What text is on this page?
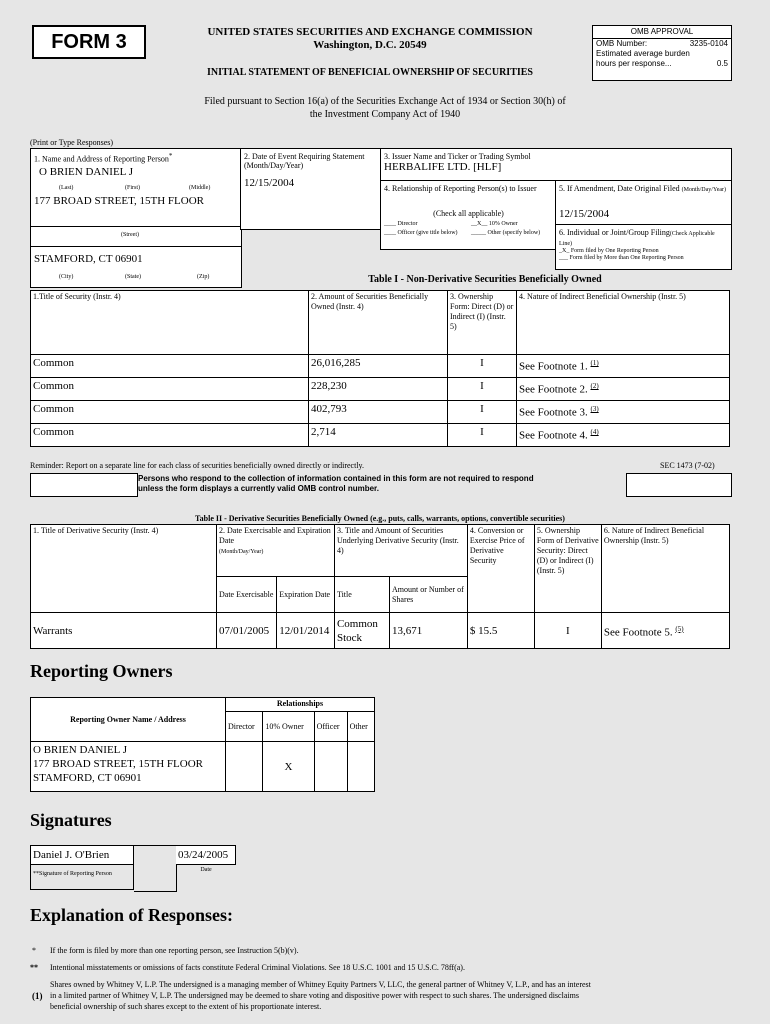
FORM 3	UNITED STATES SECURITIES AND EXCHANGE COMMISSION
Washington, D.C. 20549
INITIAL STATEMENT OF BENEFICIAL OWNERSHIP OF SECURITIES
OMB APPROVAL
OMB Number:	3235-0104
Estimated average burden
hours per response...	0.5
Filed pursuant to Section 16(a) of the Securities Exchange Act of 1934 or Section 30(h) of
the Investment Company Act of 1940
(Print or Type Responses)
1. Name and Address of Reporting Person*
O BRIEN DANIEL J
(Last)	(First)	(Middle)
177 BROAD STREET, 15TH FLOOR
(Street)
STAMFORD, CT 06901
(City)	(State)	(Zip)
2. Date of Event Requiring Statement (Month/Day/Year)
12/15/2004
3. Issuer Name and Ticker or Trading Symbol
HERBALIFE LTD. [HLF]
4. Relationship of Reporting Person(s) to Issuer
(Check all applicable)
____ Director	__X__ 10% Owner
____ Officer (give title below)	_____ Other (specify below)
5. If Amendment, Date Original Filed (Month/Day/Year)
12/15/2004
6. Individual or Joint/Group Filing(Check Applicable Line)
_X_ Form filed by One Reporting Person
___ Form filed by More than One Reporting Person
Table I - Non-Derivative Securities Beneficially Owned
1.Title of Security (Instr. 4)	2. Amount of Securities Beneficially Owned (Instr. 4)	3. Ownership Form: Direct (D) or Indirect (I) (Instr. 5)	4. Nature of Indirect Beneficial Ownership (Instr. 5)
Common	26,016,285	I	See Footnote 1. $^{(1)}$
Common	228,230	I	See Footnote 2. $^{(2)}$
Common	402,793	I	See Footnote 3. $^{(3)}$
Common	2,714	I	See Footnote 4. $^{(4)}$
Reminder: Report on a separate line for each class of securities beneficially owned directly or indirectly.	SEC 1473 (7-02)
Persons who respond to the collection of information contained in this form are not required to respond
unless the form displays a currently valid OMB control number.
Table II - Derivative Securities Beneficially Owned (e.g., puts, calls, warrants, options, convertible securities)
1. Title of Derivative Security (Instr. 4)	2. Date Exercisable and Expiration Date
(Month/Day/Year)		3. Title and Amount of Securities Underlying Derivative Security (Instr. 4)		4. Conversion or Exercise Price of Derivative Security	5. Ownership Form of Derivative Security: Direct (D) or Indirect (I) (Instr. 5)	6. Nature of Indirect Beneficial Ownership (Instr. 5)
	Date Exercisable	Expiration Date	Title	Amount or Number of Shares			
Warrants	07/01/2005	12/01/2014	Common Stock	13,671	$ 15.5	I	See Footnote 5. $^{(5)}$
Reporting Owners
Reporting Owner Name / Address	Relationships			
	Director	10% Owner	Officer	Other

O BRIEN DANIEL J
177 BROAD STREET, 15TH FLOOR
STAMFORD, CT 06901		X		
Signatures
Daniel J. O'Brien	03/24/2005
**Signature of Reporting Person
Date
Explanation of Responses:
* If the form is filed by more than one reporting person, see Instruction 5(b)(v).
** Intentional misstatements or omissions of facts constitute Federal Criminal Violations. See 18 U.S.C. 1001 and 15 U.S.C. 78ff(a).
(1)
Shares owned by Whitney V, L.P. The undersigned is a managing member of Whitney Equity Partners V, LLC, the general partner of Whitney V, L.P., and has an interest
in a limited partner of Whitney V, L.P. The undersigned may be deemed to share voting and dispositive power with respect to such shares. The undersigned disclaims
beneficial ownership of such shares except to the extent of his proportionate interest.
